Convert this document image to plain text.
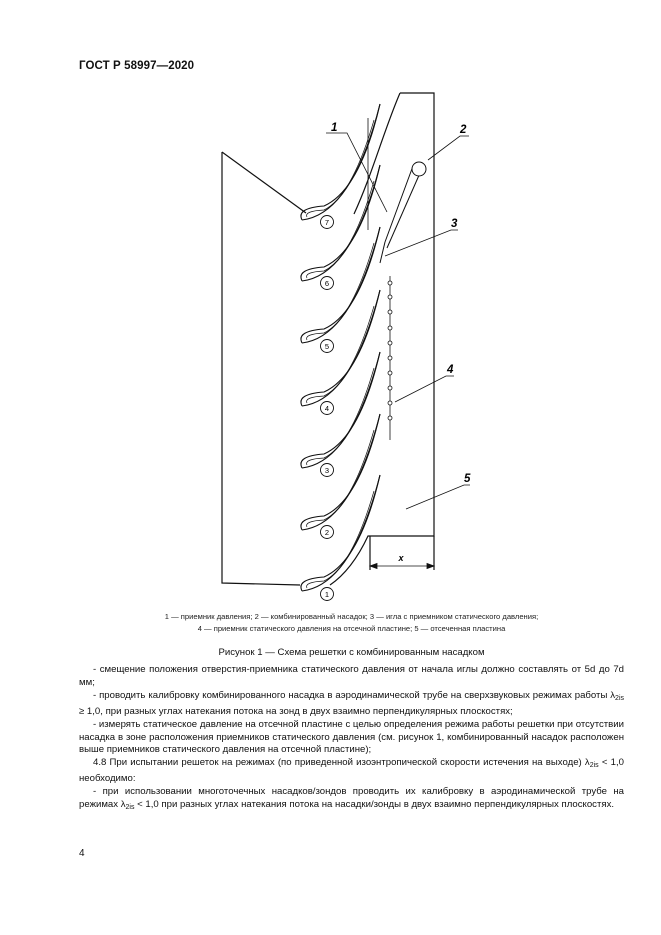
ГОСТ Р 58997—2020
7
6
5
4
3
2
1
x
1	2
3
4
5
1 — приемник давления; 2 — комбинированный насадок; 3 — игла с приемником статического давления;
4 — приемник статического давления на отсечной пластине; 5 — отсеченная пластина
Рисунок 1 — Схема решетки с комбинированным насадком

- смещение положения отверстия-приемника статического давления от начала иглы должно составлять от 5d до 7d мм;

- проводить калибровку комбинированного насадка в аэродинамической трубе на сверхзвуковых режимах работы $\lambda_{2is} \ge 1,0$, при разных углах натекания потока на зонд в двух взаимно перпендикулярных плоскостях;

- измерять статическое давление на отсечной пластине с целью определения режима работы решетки при отсутствии насадка в зоне расположения приемников статического давления (см. рисунок 1, комбинированный насадок расположен выше приемников статического давления на отсечной пластине);

4.8 При испытании решеток на режимах (по приведенной изоэнтропической скорости истечения на выходе) $\lambda_{2is} < 1,0$ необходимо:

- при использовании многоточечных насадков/зондов проводить их калибровку в аэродинамической трубе на режимах $\lambda_{2is} < 1,0$ при разных углах натекания потока на насадки/зонды в двух взаимно перпендикулярных плоскостях.

4
